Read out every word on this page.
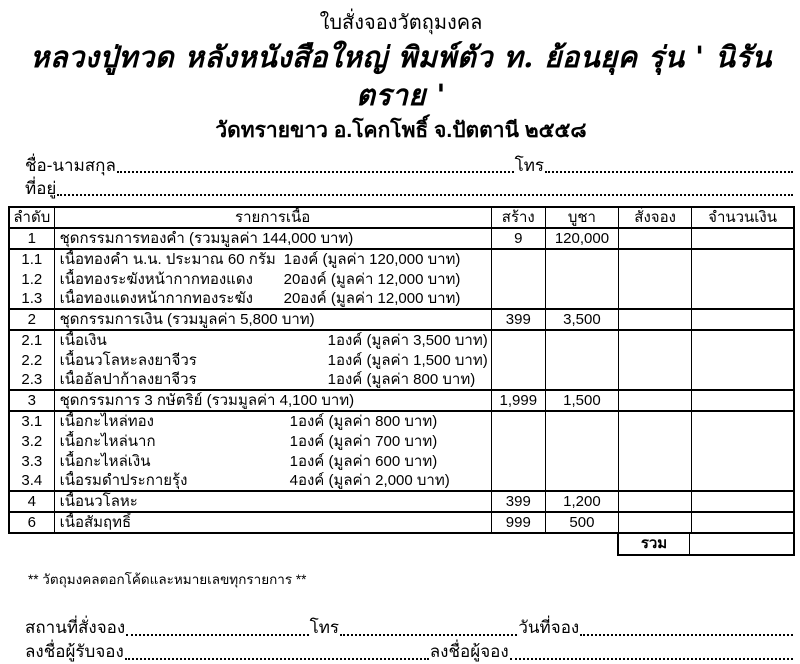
ใบสั่งจองวัตถุมงคล
หลวงปู่ทวด หลังหนังสือใหญ่ พิมพ์ตัว ท. ย้อนยุค รุ่น ' นิรันตราย '
วัดทรายขาว อ.โคกโพธิ์ จ.ปัตตานี ๒๕๕๘
ชื่อ-นามสกุล	โทร
ที่อยู่
ลำดับ	รายการเนื้อ	สร้าง	บูชา	สั่งจอง	จำนวนเงิน
1	ชุดกรรมการทองคำ (รวมมูลค่า 144,000 บาท)	9	120,000		
1.1	เนื้อทองคำ น.น. ประมาณ 60 กรัม 1องค์ (มูลค่า 120,000 บาท)				
1.2	เนื้อทองระฆังหน้ากากทองแดง 20องค์ (มูลค่า 12,000 บาท)				
1.3	เนื้อทองแดงหน้ากากทองระฆัง 20องค์ (มูลค่า 12,000 บาท)				
2	ชุดกรรมการเงิน (รวมมูลค่า 5,800 บาท)	399	3,500		
2.1	เนื้อเงิน 1องค์ (มูลค่า 3,500 บาท)				
2.2	เนื้อนวโลหะลงยาจีวร 1องค์ (มูลค่า 1,500 บาท)				
2.3	เนื้ออัลปาก้าลงยาจีวร 1องค์ (มูลค่า 800 บาท)				
3	ชุดกรรมการ 3 กษัตริย์ (รวมมูลค่า 4,100 บาท)	1,999	1,500		
3.1	เนื้อกะไหล่ทอง 1องค์ (มูลค่า 800 บาท)				
3.2	เนื้อกะไหล่นาก 1องค์ (มูลค่า 700 บาท)				
3.3	เนื้อกะไหล่เงิน 1องค์ (มูลค่า 600 บาท)				
3.4	เนื้อรมดำประกายรุ้ง 4องค์ (มูลค่า 2,000 บาท)				
4	เนื้อนวโลหะ	399	1,200		
6	เนื้อสัมฤทธิ์	999	500		
รวม
** วัตถุมงคลตอกโค้ดและหมายเลขทุกรายการ **
สถานที่สั่งจอง	โทร	วันที่จอง
ลงชื่อผู้รับจอง	ลงชื่อผู้จอง
